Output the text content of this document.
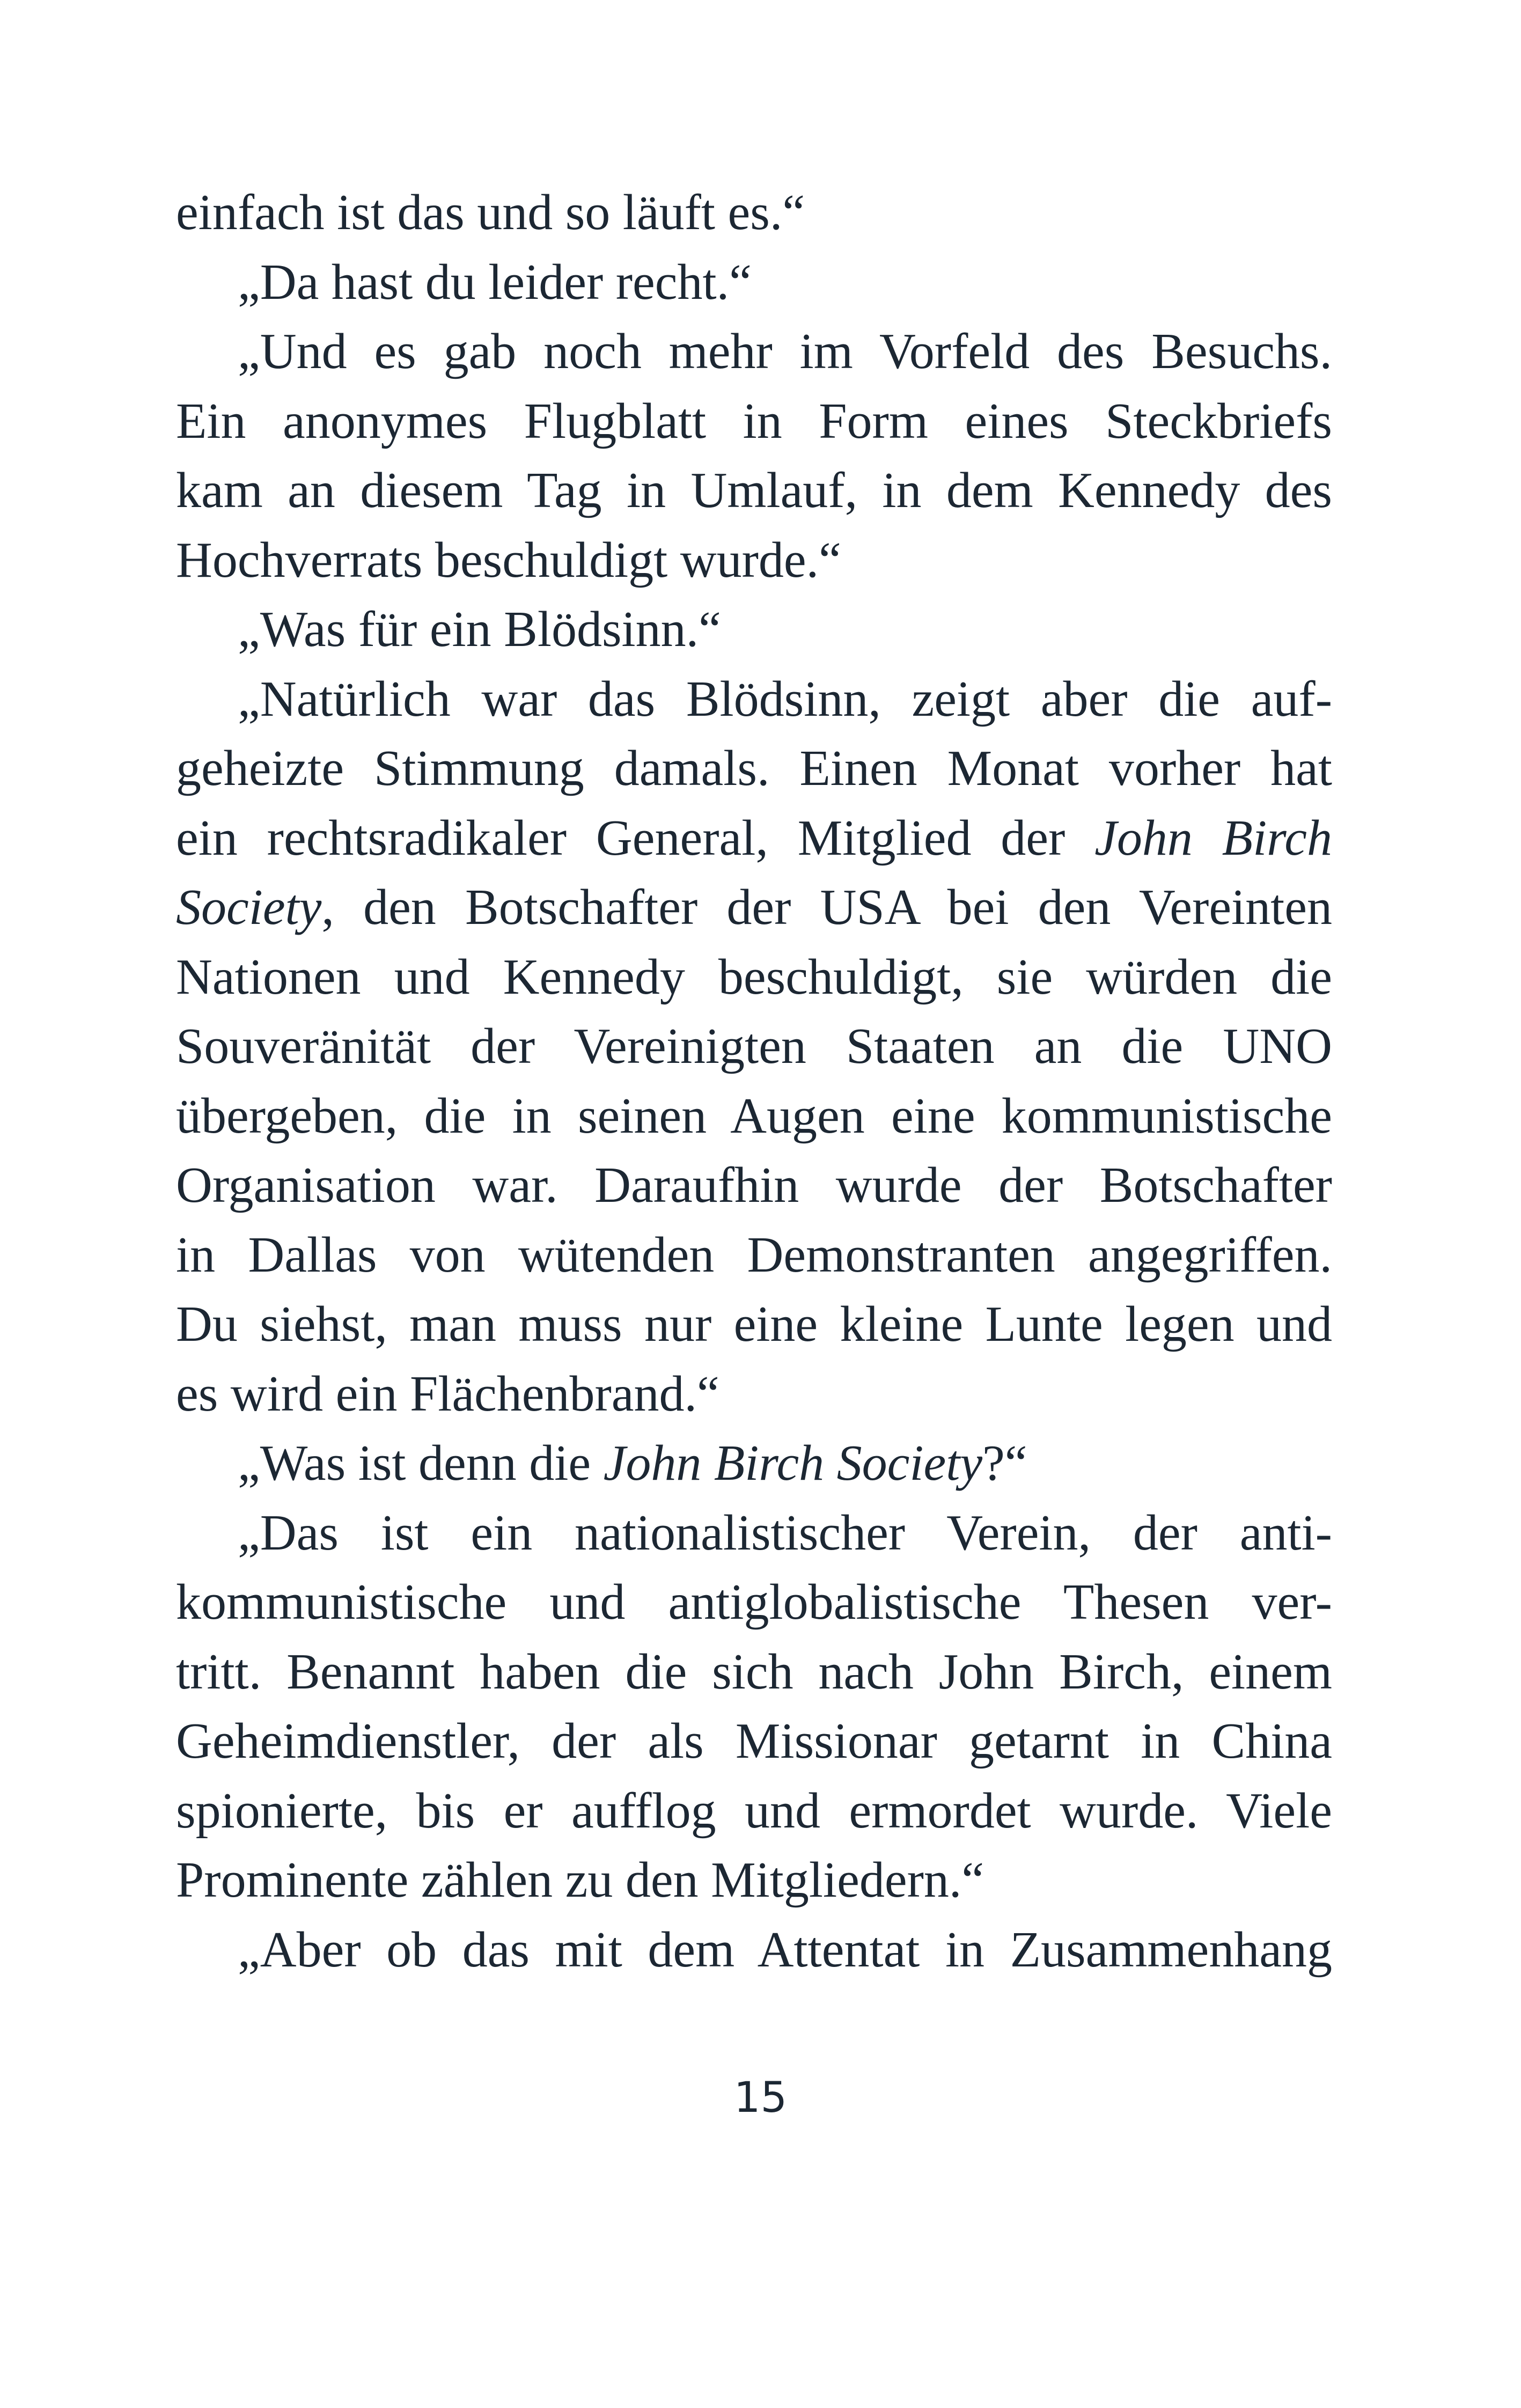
einfach ist das und so läuft es.“
„Da hast du leider recht.“
„Und es gab noch mehr im Vorfeld des Besuchs.
Ein anonymes Flugblatt in Form eines Steckbriefs
kam an diesem Tag in Umlauf, in dem Kennedy des
Hochverrats beschuldigt wurde.“
„Was für ein Blödsinn.“
„Natürlich war das Blödsinn, zeigt aber die auf-
geheizte Stimmung damals. Einen Monat vorher hat
ein rechtsradikaler General, Mitglied der John Birch
Society, den Botschafter der USA bei den Vereinten
Nationen und Kennedy beschuldigt, sie würden die
Souveränität der Vereinigten Staaten an die UNO
übergeben, die in seinen Augen eine kommunistische
Organisation war. Daraufhin wurde der Botschafter
in Dallas von wütenden Demonstranten angegriffen.
Du siehst, man muss nur eine kleine Lunte legen und
es wird ein Flächenbrand.“
„Was ist denn die John Birch Society?“
„Das ist ein nationalistischer Verein, der anti-
kommunistische und antiglobalistische Thesen ver-
tritt. Benannt haben die sich nach John Birch, einem
Geheimdienstler, der als Missionar getarnt in China
spionierte, bis er aufflog und ermordet wurde. Viele
Prominente zählen zu den Mitgliedern.“
„Aber ob das mit dem Attentat in Zusammenhang
15
